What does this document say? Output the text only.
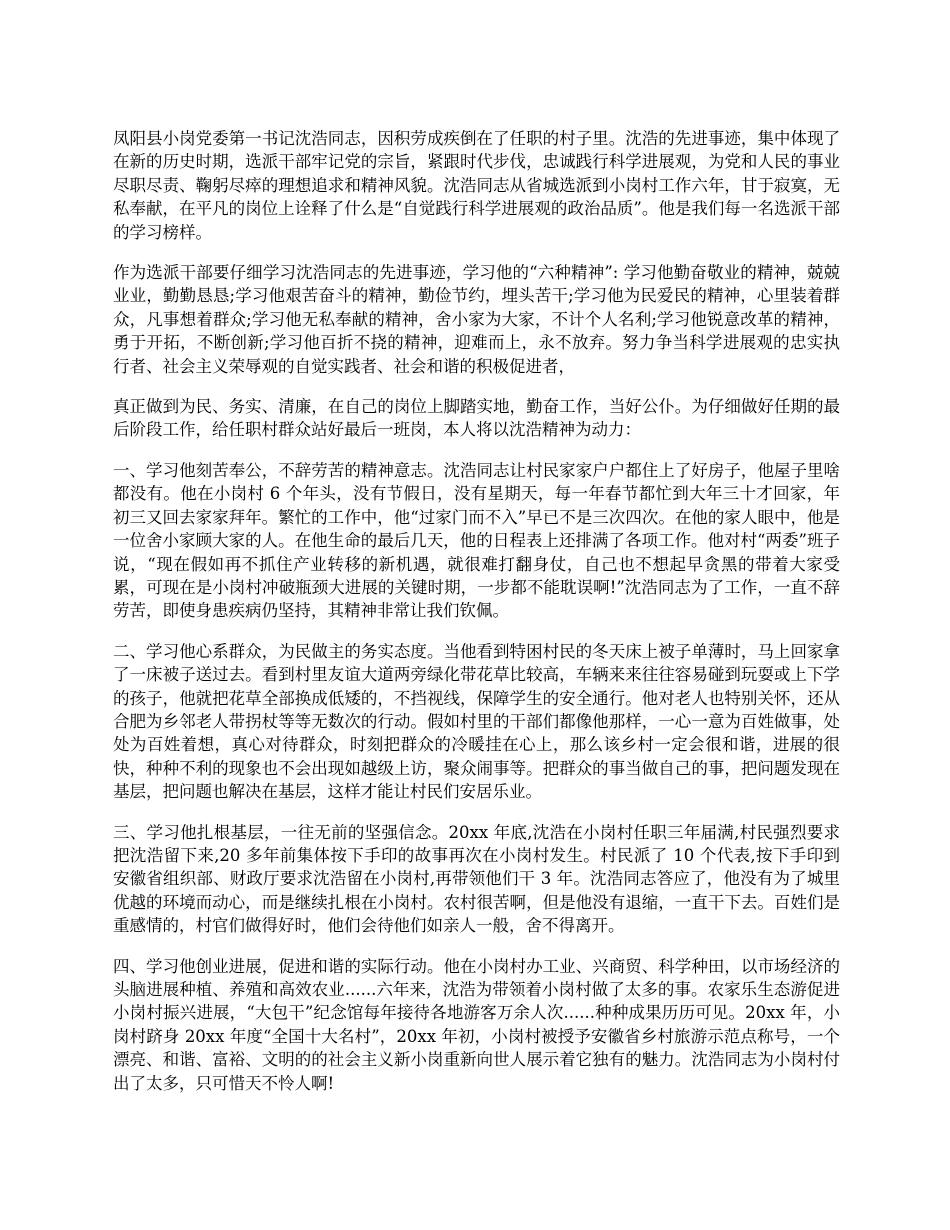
凤阳县小岗党委第一书记沈浩同志，因积劳成疾倒在了任职的村子里。沈浩的先进事迹，集中体现了在新的历史时期，选派干部牢记党的宗旨，紧跟时代步伐，忠诚践行科学进展观，为党和人民的事业尽职尽责、鞠躬尽瘁的理想追求和精神风貌。沈浩同志从省城选派到小岗村工作六年，甘于寂寞，无私奉献，在平凡的岗位上诠释了什么是“自觉践行科学进展观的政治品质”。他是我们每一名选派干部的学习榜样。

作为选派干部要仔细学习沈浩同志的先进事迹，学习他的“六种精神”: 学习他勤奋敬业的精神，兢兢业业，勤勤恳恳;学习他艰苦奋斗的精神，勤俭节约，埋头苦干;学习他为民爱民的精神，心里装着群众，凡事想着群众;学习他无私奉献的精神，舍小家为大家，不计个人名利;学习他锐意改革的精神，勇于开拓，不断创新;学习他百折不挠的精神，迎难而上，永不放弃。努力争当科学进展观的忠实执行者、社会主义荣辱观的自觉实践者、社会和谐的积极促进者，

真正做到为民、务实、清廉，在自己的岗位上脚踏实地，勤奋工作，当好公仆。为仔细做好任期的最后阶段工作，给任职村群众站好最后一班岗，本人将以沈浩精神为动力：

一、学习他刻苦奉公，不辞劳苦的精神意志。沈浩同志让村民家家户户都住上了好房子，他屋子里啥都没有。他在小岗村 6 个年头，没有节假日，没有星期天，每一年春节都忙到大年三十才回家，年初三又回去家家拜年。繁忙的工作中，他“过家门而不入”早已不是三次四次。在他的家人眼中，他是一位舍小家顾大家的人。在他生命的最后几天，他的日程表上还排满了各项工作。他对村“两委”班子说，“现在假如再不抓住产业转移的新机遇，就很难打翻身仗，自己也不想起早贪黑的带着大家受累，可现在是小岗村冲破瓶颈大进展的关键时期，一步都不能耽误啊!”沈浩同志为了工作，一直不辞劳苦，即使身患疾病仍坚持，其精神非常让我们钦佩。

二、学习他心系群众，为民做主的务实态度。当他看到特困村民的冬天床上被子单薄时，马上回家拿了一床被子送过去。看到村里友谊大道两旁绿化带花草比较高，车辆来来往往容易碰到玩耍或上下学的孩子，他就把花草全部换成低矮的，不挡视线，保障学生的安全通行。他对老人也特别关怀，还从合肥为乡邻老人带拐杖等等无数次的行动。假如村里的干部们都像他那样，一心一意为百姓做事，处处为百姓着想，真心对待群众，时刻把群众的冷暖挂在心上，那么该乡村一定会很和谐，进展的很快，种种不利的现象也不会出现如越级上访，聚众闹事等。把群众的事当做自己的事，把问题发现在基层，把问题也解决在基层，这样才能让村民们安居乐业。

三、学习他扎根基层，一往无前的坚强信念。20xx 年底,沈浩在小岗村任职三年届满,村民强烈要求把沈浩留下来,20 多年前集体按下手印的故事再次在小岗村发生。村民派了 10 个代表,按下手印到安徽省组织部、财政厅要求沈浩留在小岗村,再带领他们干 3 年。沈浩同志答应了，他没有为了城里优越的环境而动心，而是继续扎根在小岗村。农村很苦啊，但是他没有退缩，一直干下去。百姓们是重感情的，村官们做得好时，他们会待他们如亲人一般，舍不得离开。

四、学习他创业进展，促进和谐的实际行动。他在小岗村办工业、兴商贸、科学种田，以市场经济的头脑进展种植、养殖和高效农业......六年来，沈浩为带领着小岗村做了太多的事。农家乐生态游促进小岗村振兴进展，“大包干”纪念馆每年接待各地游客万余人次......种种成果历历可见。20xx 年，小岗村跻身 20xx 年度“全国十大名村”，20xx 年初，小岗村被授予安徽省乡村旅游示范点称号，一个漂亮、和谐、富裕、文明的的社会主义新小岗重新向世人展示着它独有的魅力。沈浩同志为小岗村付出了太多，只可惜天不怜人啊!
